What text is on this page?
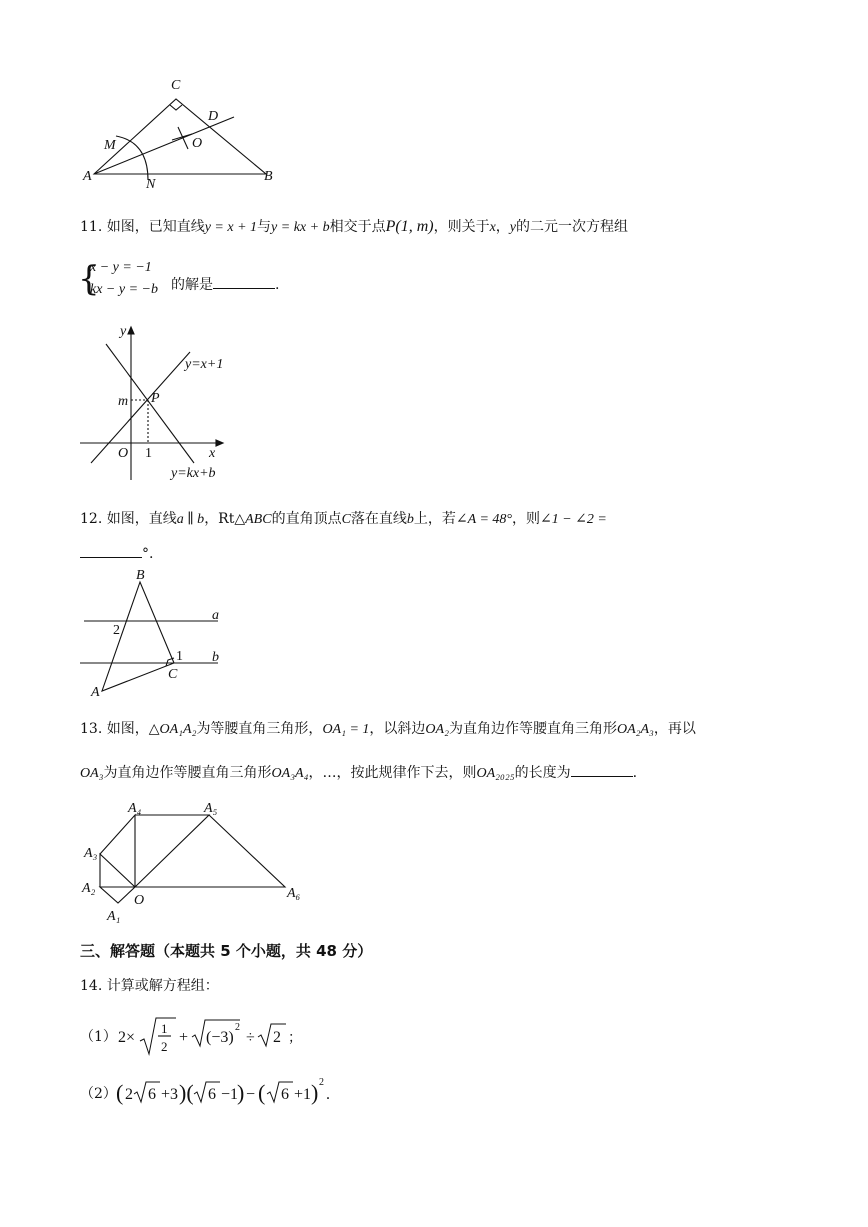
C
D
M	O
A
N
B
11. 如图，已知直线y = x + 1与y = kx + b相交于点P(1, m)，则关于x，y的二元一次方程组
{
x − y = −1
kx − y = −b 的解是	.
y
x
O 1
m P
y=x+1
y=kx+b
12. 如图，直线a ∥ b，Rt△ABC的直角顶点C落在直线b上，若∠A = 48°，则∠1 − ∠2 =
°.
B
a
b
2
1
C
A
13. 如图，△OA₁A₂为等腰直角三角形，OA₁ = 1，以斜边OA₂为直角边作等腰直角三角形OA₂A₃，再以
OA₃为直角边作等腰直角三角形OA₃A₄，…，按此规律作下去，则OA₂₀₂₅的长度为	.
A₄	A₅
A₃
A₂
O
A₁
A₆
三、解答题（本题共 5 个小题，共 48 分）
14. 计算或解方程组：
（1） 2×
1
2
+ (−3)
2
÷ 2 ；
（2） ( 2 6 +3 )( 6 −1
) − ( 6 +1 ) 2
.
